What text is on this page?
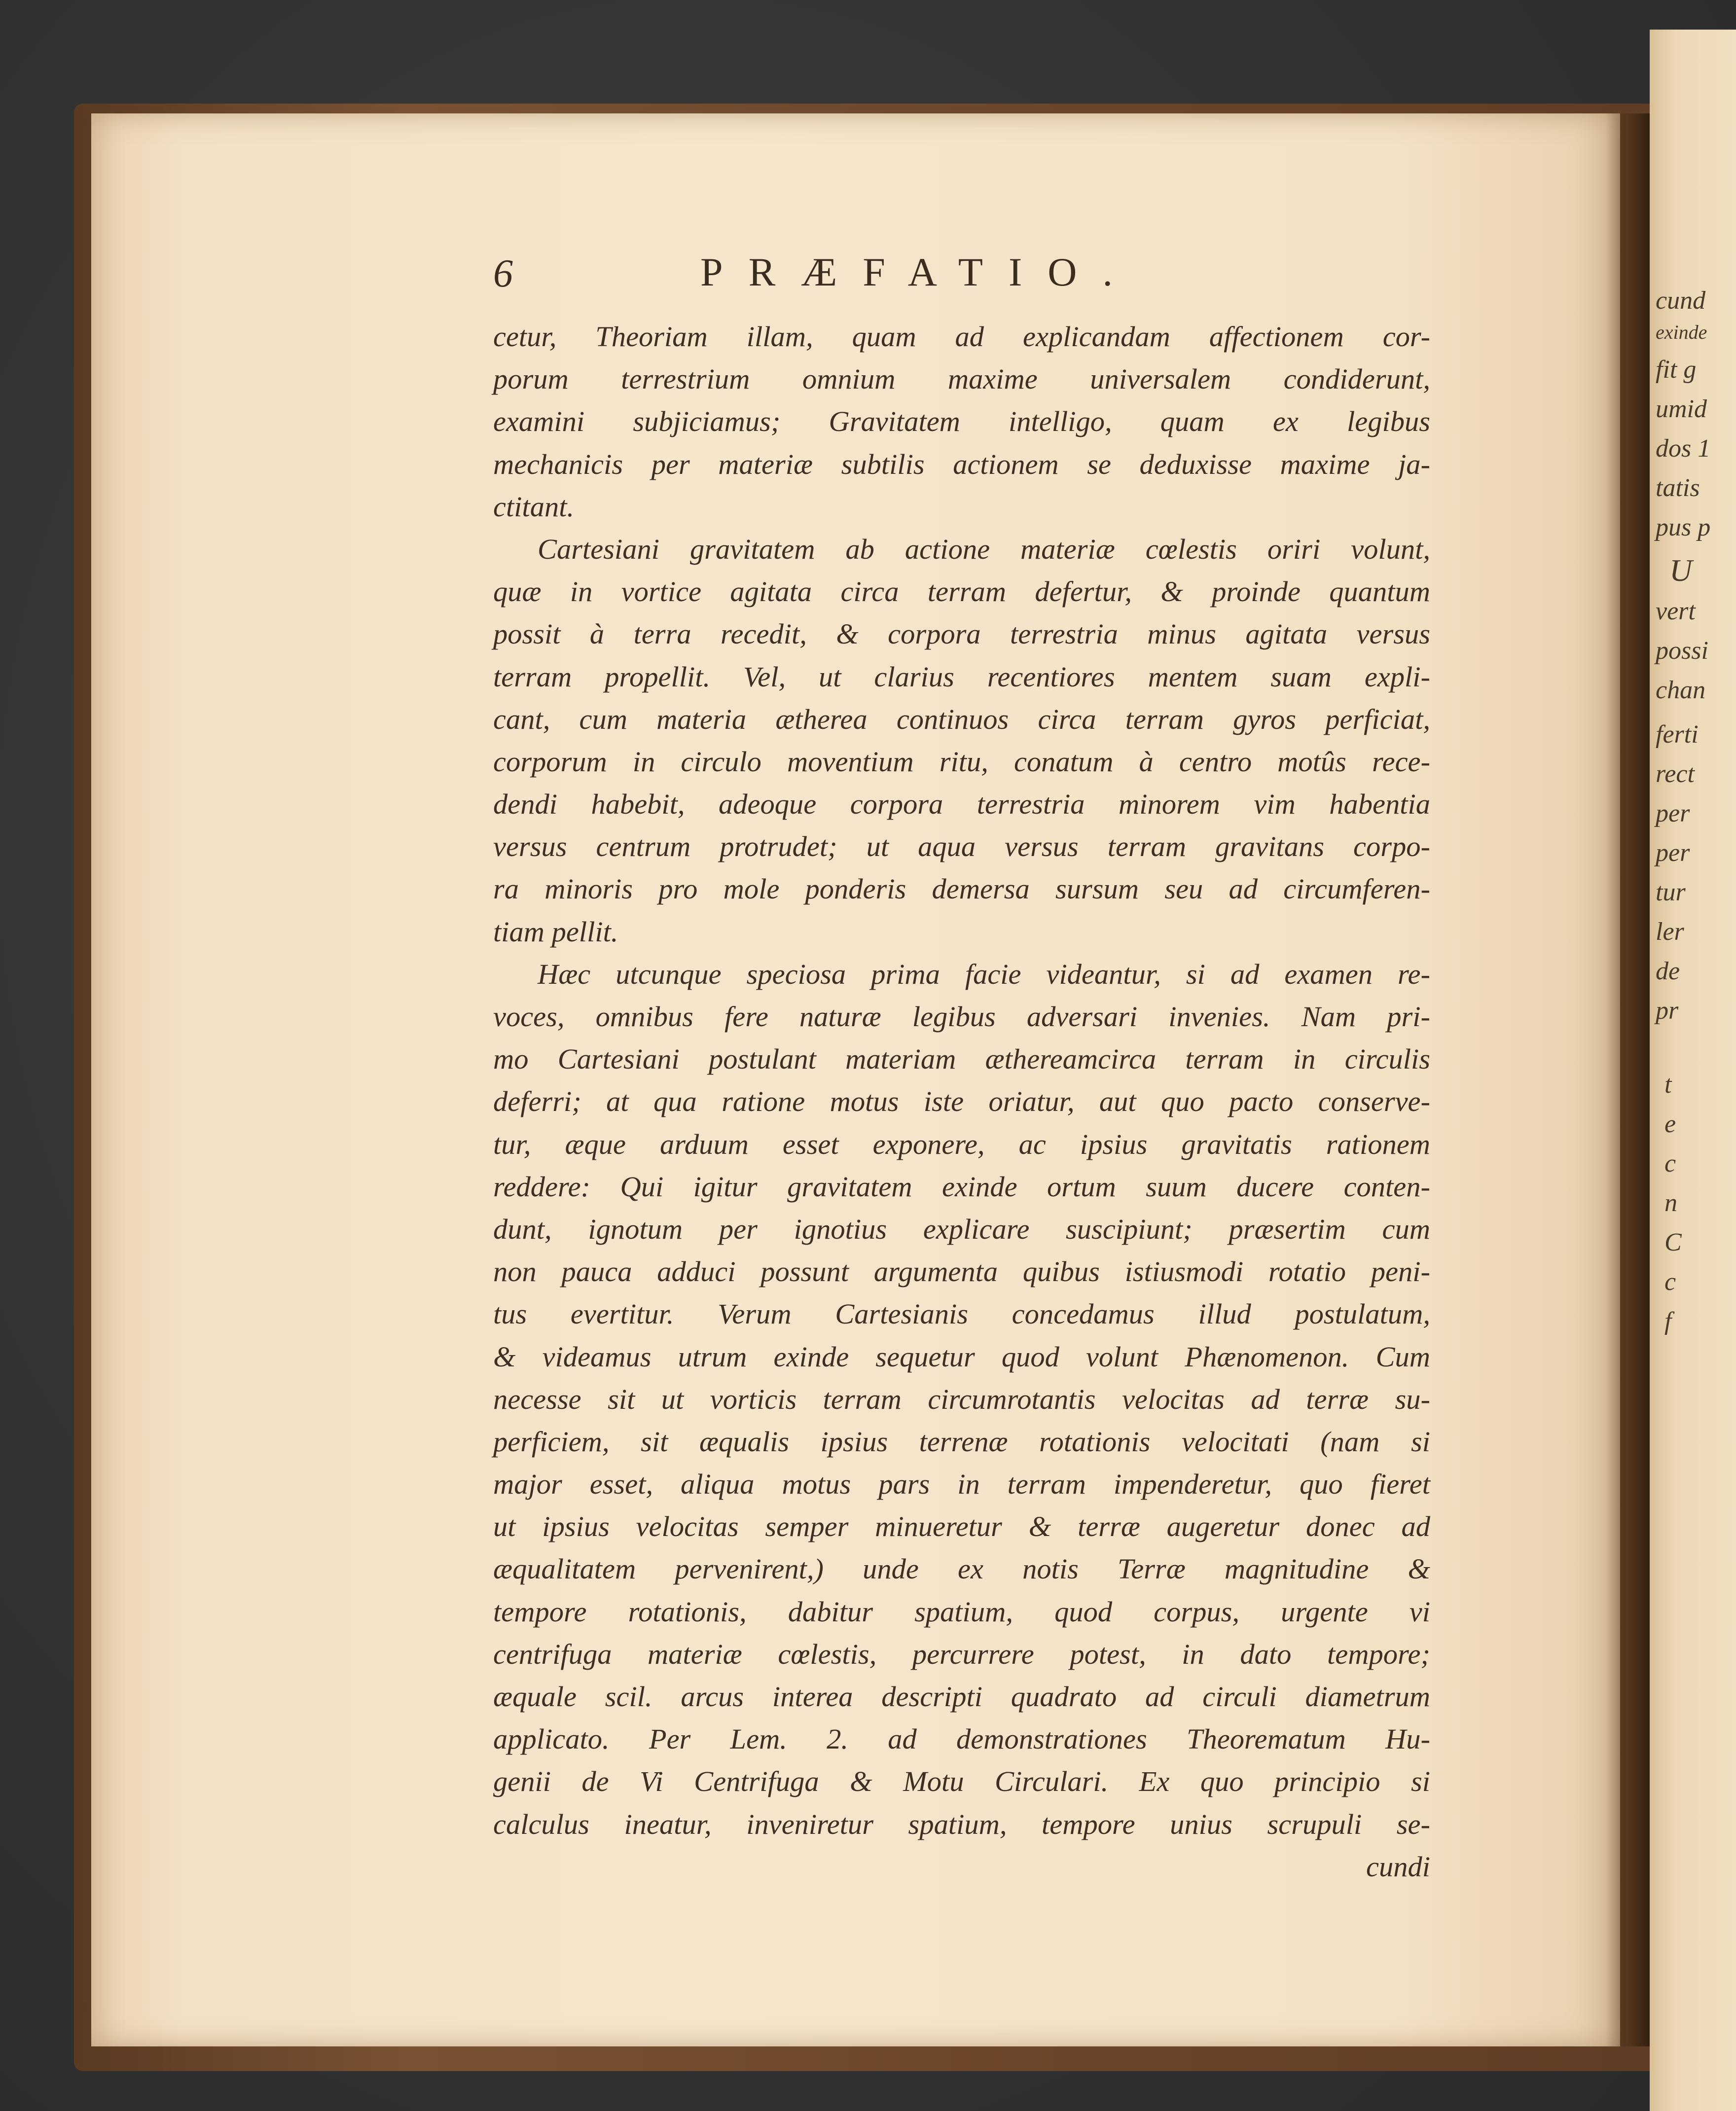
cund
exinde
fit g
umid
dos 1
tatis
pus p
U
vert
possi
chan
ferti
rect
per
per
tur
ler
de
pr
t
e
c
n
C
c
f
6	PRÆFATIO.
cetur, Theoriam illam, quam ad explicandam affectionem cor-
porum terrestrium omnium maxime universalem condiderunt,
examini subjiciamus; Gravitatem intelligo, quam ex legibus
mechanicis per materiæ subtilis actionem se deduxisse maxime ja-
ctitant.
Cartesiani gravitatem ab actione materiæ cœlestis oriri volunt,
quæ in vortice agitata circa terram defertur, & proinde quantum
possit à terra recedit, & corpora terrestria minus agitata versus
terram propellit. Vel, ut clarius recentiores mentem suam expli-
cant, cum materia ætherea continuos circa terram gyros perficiat,
corporum in circulo moventium ritu, conatum à centro motûs rece-
dendi habebit, adeoque corpora terrestria minorem vim habentia
versus centrum protrudet; ut aqua versus terram gravitans corpo-
ra minoris pro mole ponderis demersa sursum seu ad circumferen-
tiam pellit.
Hæc utcunque speciosa prima facie videantur, si ad examen re-
voces, omnibus fere naturæ legibus adversari invenies. Nam pri-
mo Cartesiani postulant materiam æthereamcirca terram in circulis
deferri; at qua ratione motus iste oriatur, aut quo pacto conserve-
tur, æque arduum esset exponere, ac ipsius gravitatis rationem
reddere: Qui igitur gravitatem exinde ortum suum ducere conten-
dunt, ignotum per ignotius explicare suscipiunt; præsertim cum
non pauca adduci possunt argumenta quibus istiusmodi rotatio peni-
tus evertitur. Verum Cartesianis concedamus illud postulatum,
& videamus utrum exinde sequetur quod volunt Phænomenon. Cum
necesse sit ut vorticis terram circumrotantis velocitas ad terræ su-
perficiem, sit æqualis ipsius terrenæ rotationis velocitati (nam si
major esset, aliqua motus pars in terram impenderetur, quo fieret
ut ipsius velocitas semper minueretur & terræ augeretur donec ad
æqualitatem pervenirent,) unde ex notis Terræ magnitudine &
tempore rotationis, dabitur spatium, quod corpus, urgente vi
centrifuga materiæ cœlestis, percurrere potest, in dato tempore;
æquale scil. arcus interea descripti quadrato ad circuli diametrum
applicato. Per Lem. 2. ad demonstrationes Theorematum Hu-
genii de Vi Centrifuga & Motu Circulari. Ex quo principio si
calculus ineatur, inveniretur spatium, tempore unius scrupuli se-
cundi
